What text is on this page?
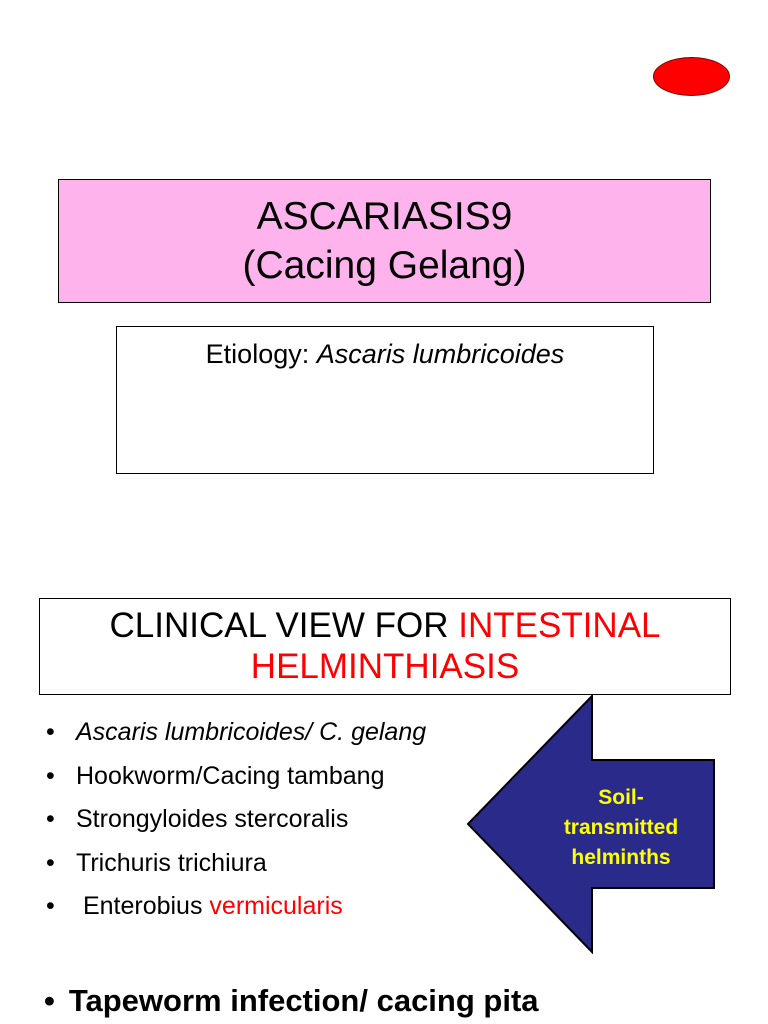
ASCARIASIS9
(Cacing Gelang)
Etiology: Ascaris lumbricoides
CLINICAL VIEW FOR INTESTINAL
HELMINTHIASIS
• Ascaris lumbricoides/ C. gelang
• Hookworm/Cacing tambang
• Strongyloides stercoralis
• Trichuris trichiura
• Enterobius vermicularis
• Tapeworm infection/ cacing pita
Soil-
transmitted
helminths
